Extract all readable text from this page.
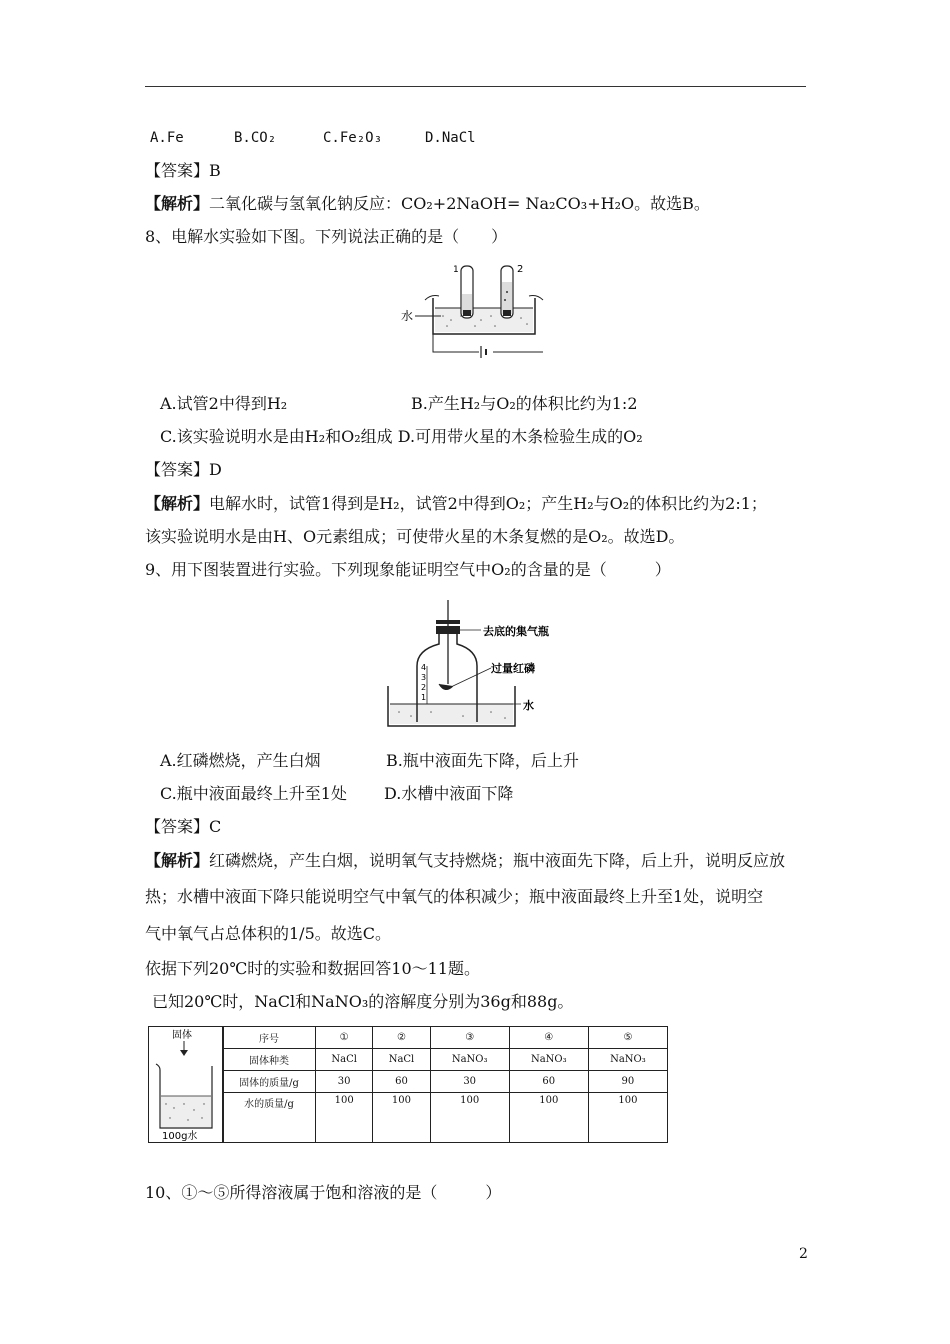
A.Fe	B.CO₂	C.Fe₂O₃	D.NaCl
【答案】B
【解析】二氧化碳与氢氧化钠反应：CO₂+2NaOH= Na₂CO₃+H₂O。故选B。
8、电解水实验如下图。下列说法正确的是（　　）
1	2
水
A.试管2中得到H₂	B.产生H₂与O₂的体积比约为1:2
C.该实验说明水是由H₂和O₂组成 D.可用带火星的木条检验生成的O₂
【答案】D
【解析】电解水时，试管1得到是H₂，试管2中得到O₂；产生H₂与O₂的体积比约为2:1；
该实验说明水是由H、O元素组成；可使带火星的木条复燃的是O₂。故选D。
9、用下图装置进行实验。下列现象能证明空气中O₂的含量的是（　　　）
4
3
2
1
去底的集气瓶
过量红磷
水
A.红磷燃烧，产生白烟	B.瓶中液面先下降，后上升
C.瓶中液面最终上升至1处 D.水槽中液面下降
【答案】C
【解析】红磷燃烧，产生白烟，说明氧气支持燃烧；瓶中液面先下降，后上升，说明反应放
热；水槽中液面下降只能说明空气中氧气的体积减少；瓶中液面最终上升至1处，说明空
气中氧气占总体积的1/5。故选C。
依据下列20℃时的实验和数据回答10～11题。
已知20℃时，NaCl和NaNO₃的溶解度分别为36g和88g。
固体
100g水
序号	①	②	③	④	⑤
固体种类	NaCl	NaCl	NaNO₃	NaNO₃	NaNO₃
固体的质量/g	30	60	30	60	90
水的质量/g	100	100	100	100	100
10、①～⑤所得溶液属于饱和溶液的是（　　　）
2
